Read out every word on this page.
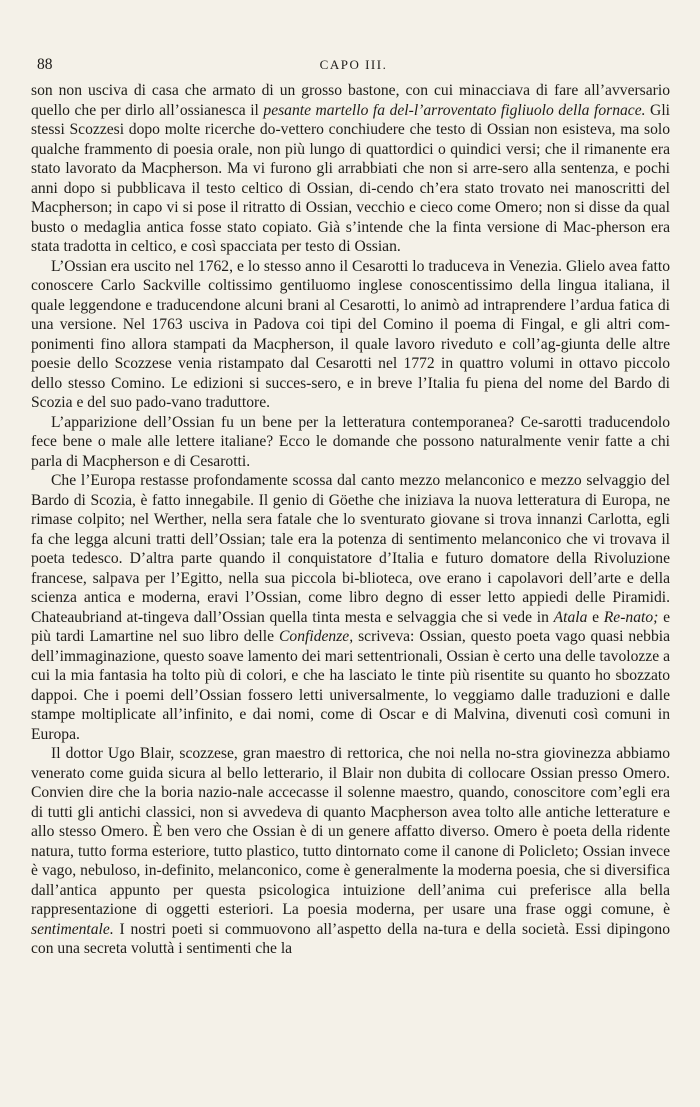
88	CAPO III.

son non usciva di casa che armato di un grosso bastone, con cui minacciava di fare all’avversario quello che per dirlo all’ossianesca il pesante martello fa del-l’arroventato figliuolo della fornace. Gli stessi Scozzesi dopo molte ricerche do-vettero conchiudere che testo di Ossian non esisteva, ma solo qualche frammento di poesia orale, non più lungo di quattordici o quindici versi; che il rimanente era stato lavorato da Macpherson. Ma vi furono gli arrabbiati che non si arre-sero alla sentenza, e pochi anni dopo si pubblicava il testo celtico di Ossian, di-cendo ch’era stato trovato nei manoscritti del Macpherson; in capo vi si pose il ritratto di Ossian, vecchio e cieco come Omero; non si disse da qual busto o medaglia antica fosse stato copiato. Già s’intende che la finta versione di Mac-pherson era stata tradotta in celtico, e così spacciata per testo di Ossian.

L’Ossian era uscito nel 1762, e lo stesso anno il Cesarotti lo traduceva in Venezia. Glielo avea fatto conoscere Carlo Sackville coltissimo gentiluomo inglese conoscentissimo della lingua italiana, il quale leggendone e traducendone alcuni brani al Cesarotti, lo animò ad intraprendere l’ardua fatica di una versione. Nel 1763 usciva in Padova coi tipi del Comino il poema di Fingal, e gli altri com-ponimenti fino allora stampati da Macpherson, il quale lavoro riveduto e coll’ag-giunta delle altre poesie dello Scozzese venia ristampato dal Cesarotti nel 1772 in quattro volumi in ottavo piccolo dello stesso Comino. Le edizioni si succes-sero, e in breve l’Italia fu piena del nome del Bardo di Scozia e del suo pado-vano traduttore.

L’apparizione dell’Ossian fu un bene per la letteratura contemporanea? Ce-sarotti traducendolo fece bene o male alle lettere italiane? Ecco le domande che possono naturalmente venir fatte a chi parla di Macpherson e di Cesarotti.

Che l’Europa restasse profondamente scossa dal canto mezzo melanconico e mezzo selvaggio del Bardo di Scozia, è fatto innegabile. Il genio di Göethe che iniziava la nuova letteratura di Europa, ne rimase colpito; nel Werther, nella sera fatale che lo sventurato giovane si trova innanzi Carlotta, egli fa che legga alcuni tratti dell’Ossian; tale era la potenza di sentimento melanconico che vi trovava il poeta tedesco. D’altra parte quando il conquistatore d’Italia e futuro domatore della Rivoluzione francese, salpava per l’Egitto, nella sua piccola bi-blioteca, ove erano i capolavori dell’arte e della scienza antica e moderna, eravi l’Ossian, come libro degno di esser letto appiedi delle Piramidi. Chateaubriand at-tingeva dall’Ossian quella tinta mesta e selvaggia che si vede in Atala e Re-nato; e più tardi Lamartine nel suo libro delle Confidenze, scriveva: Ossian, questo poeta vago quasi nebbia dell’immaginazione, questo soave lamento dei mari settentrionali, Ossian è certo una delle tavolozze a cui la mia fantasia ha tolto più di colori, e che ha lasciato le tinte più risentite su quanto ho sbozzato dappoi. Che i poemi dell’Ossian fossero letti universalmente, lo veggiamo dalle traduzioni e dalle stampe moltiplicate all’infinito, e dai nomi, come di Oscar e di Malvina, divenuti così comuni in Europa.

Il dottor Ugo Blair, scozzese, gran maestro di rettorica, che noi nella no-stra giovinezza abbiamo venerato come guida sicura al bello letterario, il Blair non dubita di collocare Ossian presso Omero. Convien dire che la boria nazio-nale accecasse il solenne maestro, quando, conoscitore com’egli era di tutti gli antichi classici, non si avvedeva di quanto Macpherson avea tolto alle antiche letterature e allo stesso Omero. È ben vero che Ossian è di un genere affatto diverso. Omero è poeta della ridente natura, tutto forma esteriore, tutto plastico, tutto dintornato come il canone di Policleto; Ossian invece è vago, nebuloso, in-definito, melanconico, come è generalmente la moderna poesia, che si diversifica dall’antica appunto per questa psicologica intuizione dell’anima cui preferisce alla bella rappresentazione di oggetti esteriori. La poesia moderna, per usare una frase oggi comune, è sentimentale. I nostri poeti si commuovono all’aspetto della na-tura e della società. Essi dipingono con una secreta voluttà i sentimenti che la
